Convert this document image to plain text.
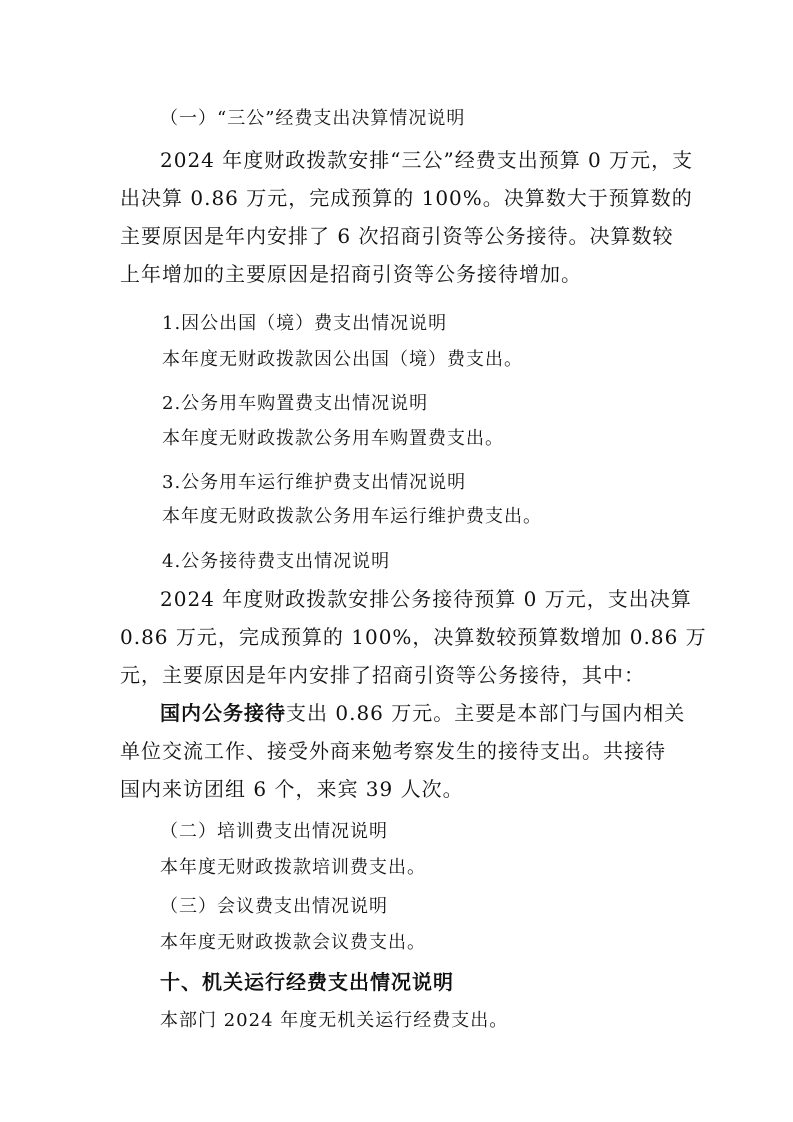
（一）“三公”经费支出决算情况说明
2024 年度财政拨款安排“三公”经费支出预算 0 万元，支
出决算 0.86 万元，完成预算的 100%。决算数大于预算数的
主要原因是年内安排了 6 次招商引资等公务接待。决算数较
上年增加的主要原因是招商引资等公务接待增加。
1.因公出国（境）费支出情况说明
本年度无财政拨款因公出国（境）费支出。
2.公务用车购置费支出情况说明
本年度无财政拨款公务用车购置费支出。
3.公务用车运行维护费支出情况说明
本年度无财政拨款公务用车运行维护费支出。
4.公务接待费支出情况说明
2024 年度财政拨款安排公务接待预算 0 万元，支出决算
0.86 万元，完成预算的 100%，决算数较预算数增加 0.86 万
元，主要原因是年内安排了招商引资等公务接待，其中：
国内公务接待支出 0.86 万元。主要是本部门与国内相关
单位交流工作、接受外商来勉考察发生的接待支出。共接待
国内来访团组 6 个，来宾 39 人次。
（二）培训费支出情况说明
本年度无财政拨款培训费支出。
（三）会议费支出情况说明
本年度无财政拨款会议费支出。
十、机关运行经费支出情况说明
本部门 2024 年度无机关运行经费支出。
